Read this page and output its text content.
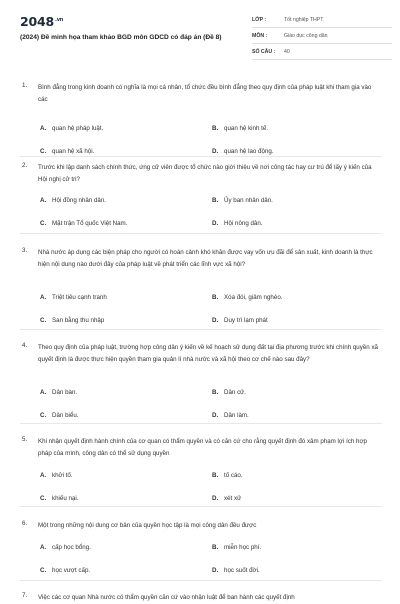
$2048^{.vn}$
(2024) Đề minh họa tham khảo BGD môn GDCD có đáp án (Đề 8)
LỚP :	Tốt nghiệp THPT
MÔN :	Giáo dục công dân
SỐ CÂU :	40
1. Bình đẳng trong kinh doanh có nghĩa là mọi cá nhân, tổ chức đều bình đẳng theo quy định của pháp luật khi tham gia vào các
A. quan hệ pháp luật.	B. quan hệ kinh tế.
C. quan hệ xã hội.	D. quan hệ lao động.
2. Trước khi lập danh sách chính thức, ứng cử viên được tổ chức nào giới thiệu về nơi công tác hay cư trú để lấy ý kiến của Hội nghị cử tri?
A. Hội đồng nhân dân.	B. Ủy ban nhân dân.
C. Mặt trận Tổ quốc Việt Nam.	D. Hội nông dân.
3. Nhà nước áp dụng các biện pháp cho người có hoàn cảnh khó khăn được vay vốn ưu đãi để sản xuất, kinh doanh là thực hiện nội dung nào dưới đây của pháp luật về phát triển các lĩnh vực xã hội?
A. Triệt tiêu cạnh tranh	B. Xóa đói, giảm nghèo.
C. San bằng thu nhập	D. Duy trì lạm phát
4. Theo quy định của pháp luật, trường hợp công dân ý kiến về kế hoạch sử dụng đất tại địa phương trước khi chính quyền xã quyết định là được thực hiện quyền tham gia quản lí nhà nước và xã hội theo cơ chế nào sau đây?
A. Dân bàn.	B. Dân cử.
C. Dân biểu.	D. Dân làm.
5. Khi nhận quyết định hành chính của cơ quan có thẩm quyền và có căn cứ cho rằng quyết định đó xâm phạm lợi ích hợp pháp của mình, công dân có thể sử dụng quyền
A. khởi tố.	B. tố cáo.
C. khiếu nại.	D. xét xử
6. Một trong những nội dung cơ bản của quyền học tập là mọi công dân đều được
A. cấp học bổng.	B. miễn học phí.
C. học vượt cấp.	D. học suốt đời.
7. Việc các cơ quan Nhà nước có thẩm quyền căn cứ vào nhận luật để ban hành các quyết định
